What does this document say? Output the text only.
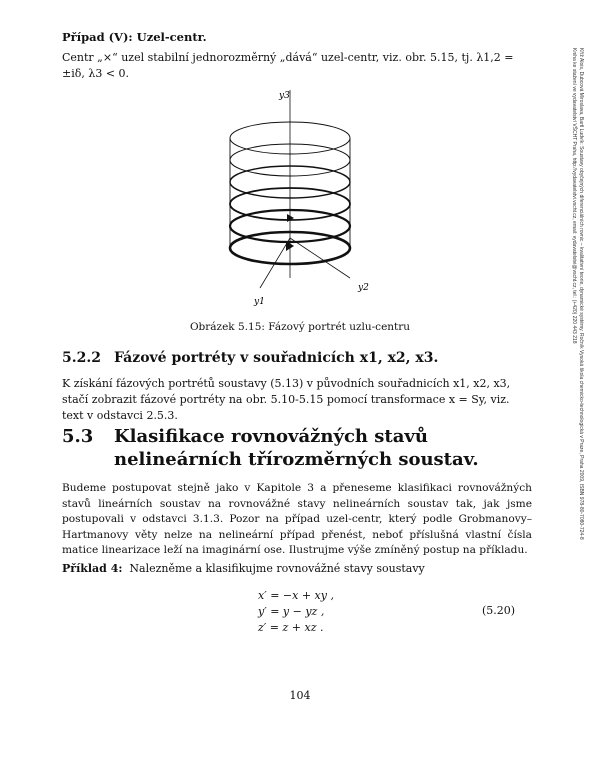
Případ (V): Uzel-centr.

Centr „×“ uzel stabilní jednorozměrný „dává“ uzel-centr, viz. obr. 5.15, tj. λ1,2 = ±iδ, λ3 < 0.

y3
y2
y1
Obrázek 5.15: Fázový portrét uzlu-centru
5.2.2 Fázové portréty v souřadnicích x1, x2, x3.

K získání fázových portrétů soustavy (5.13) v původních souřadnicích x1, x2, x3, stačí zobrazit fázové portréty na obr. 5.10-5.15 pomocí transformace x = Sy, viz. text v odstavci 2.5.3.

5.3 Klasifikace rovnovážných stavů nelineárních třírozměrných soustav.

Budeme postupovat stejně jako v Kapitole 3 a přeneseme klasifikaci rovnovážných stavů lineárních soustav na rovnovážné stavy nelineárních soustav tak, jak jsme postupovali v odstavci 3.1.3. Pozor na případ uzel-centr, který podle Grobmanovy–Hartmanovy věty nelze na nelineární případ přenést, neboť příslušná vlastní čísla matice linearizace leží na imaginární ose. Ilustrujme výše zmíněný postup na příkladu.

Příklad 4: Nalezněme a klasifikujme rovnovážné stavy soustavy
x′ = −x + xy ,
y′ = y − yz ,
z′ = z + xz .
(5.20)
104
Kříž Alois, Dubcová Miroslava, Bartl Ludvík: Soustavy obyčejných diferenciálních rovnic – kvalitativní teorie, dynamické systémy. Ročník Vysoká škola chemicko-technologická v Praze, Praha 2009, ISBN 978-80-7080-724-8
Kniha ke stažení ve vydavatelství VŠCHT Praha, http://vydavatelstvi.vscht.cz, email: vydavatelstvi@vscht.cz, tel.: (+420) 220 443 218
